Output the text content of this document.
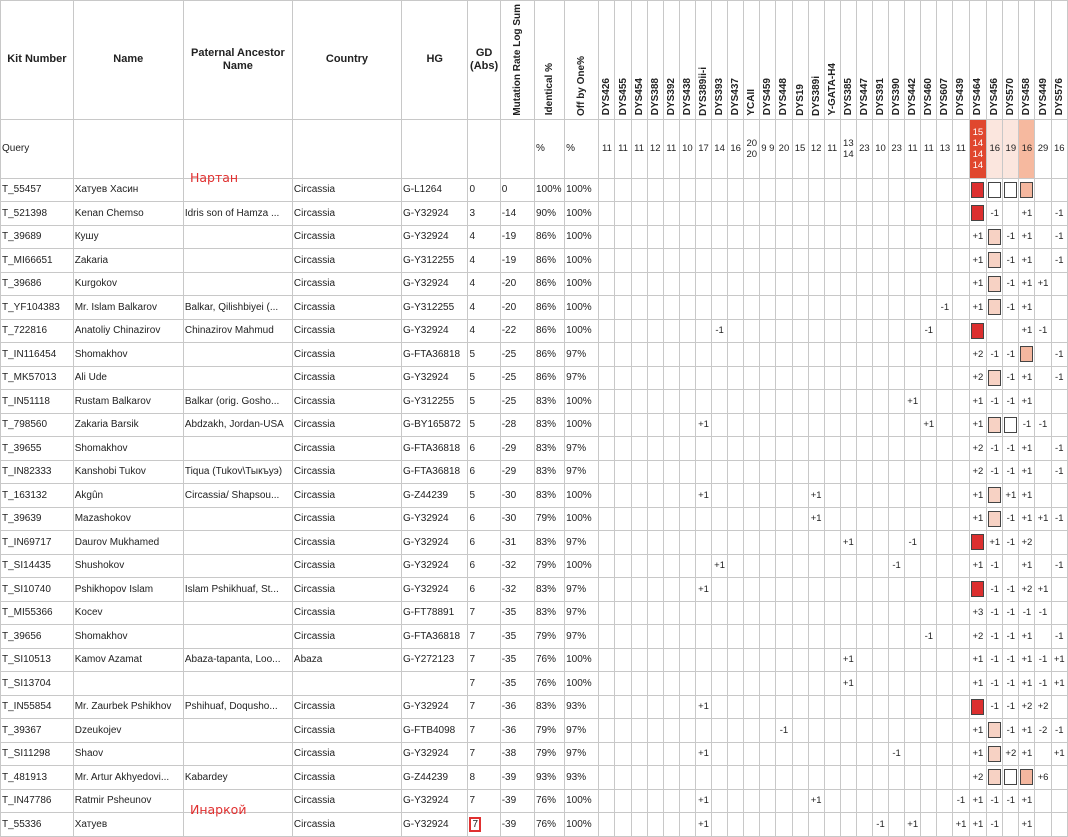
Kit Number	Name	Paternal Ancestor Name	Country	HG	GD (Abs)	Mutation Rate Log Sum	Identical %	Off by One%	DYS426	DYS455	DYS454	DYS388	DYS392	DYS438	DYS389ii-i	DYS393	DYS437	YCAII	DYS459	DYS448	DYS19	DYS389i	Y-GATA-H4	DYS385	DYS447	DYS391	DYS390	DYS442	DYS460	DYS607	DYS439	DYS464	DYS456	DYS570	DYS458	DYS449	DYS576

Query							%	%	11	11	11	12	11	10	17	14	16	20 20	9 9	20	15	12	11	13 14	23	10	23	11	11	13	11	15 14 14 14	16	19	16	29	16
T_55457	Хатуев Хасин		Circassia	G-L1264	0	0	100%	100%																													
T_521398	Kenan Chemso	Idris son of Hamza ...	Circassia	G-Y32924	3	-14	90%	100%																									-1		+1		-1
T_39689	Кушу		Circassia	G-Y32924	4	-19	86%	100%																								+1		-1	+1		-1
T_MI66651	Zakaria		Circassia	G-Y312255	4	-19	86%	100%																								+1		-1	+1		-1
T_39686	Kurgokov		Circassia	G-Y32924	4	-20	86%	100%																								+1		-1	+1	+1	
T_YF104383	Mr. Islam Balkarov	Balkar, Qilishbiyei (...	Circassia	G-Y312255	4	-20	86%	100%																						-1		+1		-1	+1		
T_722816	Anatoliy Chinazirov	Chinazirov Mahmud	Circassia	G-Y32924	4	-22	86%	100%								-1													-1						+1	-1	
T_IN116454	Shomakhov		Circassia	G-FTA36818	5	-25	86%	97%																								+2	-1	-1			-1
T_MK57013	Ali Ude		Circassia	G-Y32924	5	-25	86%	97%																								+2		-1	+1		-1
T_IN51118	Rustam Balkarov	Balkar (orig. Gosho...	Circassia	G-Y312255	5	-25	83%	100%																				+1				+1	-1	-1	+1		
T_798560	Zakaria Barsik	Abdzakh, Jordan-USA	Circassia	G-BY165872	5	-28	83%	100%							+1														+1			+1			-1	-1	
T_39655	Shomakhov		Circassia	G-FTA36818	6	-29	83%	97%																								+2	-1	-1	+1		-1
T_IN82333	Kanshobi Tukov	Tiqua (Tukov\Тыкъуэ)	Circassia	G-FTA36818	6	-29	83%	97%																								+2	-1	-1	+1		-1
T_163132	Akgûn	Circassia/ Shapsou...	Circassia	G-Z44239	5	-30	83%	100%							+1							+1										+1		+1	+1		
T_39639	Mazashokov		Circassia	G-Y32924	6	-30	79%	100%														+1										+1		-1	+1	+1	-1
T_IN69717	Daurov Mukhamed		Circassia	G-Y32924	6	-31	83%	97%																+1				-1					+1	-1	+2		
T_SI14435	Shushokov		Circassia	G-Y32924	6	-32	79%	100%								+1											-1					+1	-1		+1		-1
T_SI10740	Pshikhopov Islam	Islam Pshikhuaf, St...	Circassia	G-Y32924	6	-32	83%	97%							+1																		-1	-1	+2	+1	
T_MI55366	Kocev		Circassia	G-FT78891	7	-35	83%	97%																								+3	-1	-1	-1	-1	
T_39656	Shomakhov		Circassia	G-FTA36818	7	-35	79%	97%																					-1			+2	-1	-1	+1		-1
T_SI10513	Kamov Azamat	Abaza-tapanta, Loo...	Abaza	G-Y272123	7	-35	76%	100%																+1								+1	-1	-1	+1	-1	+1
T_SI13704					7	-35	76%	100%																+1								+1	-1	-1	+1	-1	+1
T_IN55854	Mr. Zaurbek Pshikhov	Pshihuaf, Doqusho...	Circassia	G-Y32924	7	-36	83%	93%							+1																		-1	-1	+2	+2	
T_39367	Dzeukojev		Circassia	G-FTB4098	7	-36	79%	97%												-1												+1		-1	+1	-2	-1
T_SI11298	Shaov		Circassia	G-Y32924	7	-38	79%	97%							+1												-1					+1		+2	+1		+1
T_481913	Mr. Artur Akhyedovi...	Kabardey	Circassia	G-Z44239	8	-39	93%	93%																								+2				+6	
T_IN47786	Ratmir Psheunov		Circassia	G-Y32924	7	-39	76%	100%							+1							+1									-1	+1	-1	-1	+1		
T_55336	Хатуев		Circassia	G-Y32924	7	-39	76%	100%							+1											-1		+1			+1	+1	-1		+1		
Нартан
Инаркой
